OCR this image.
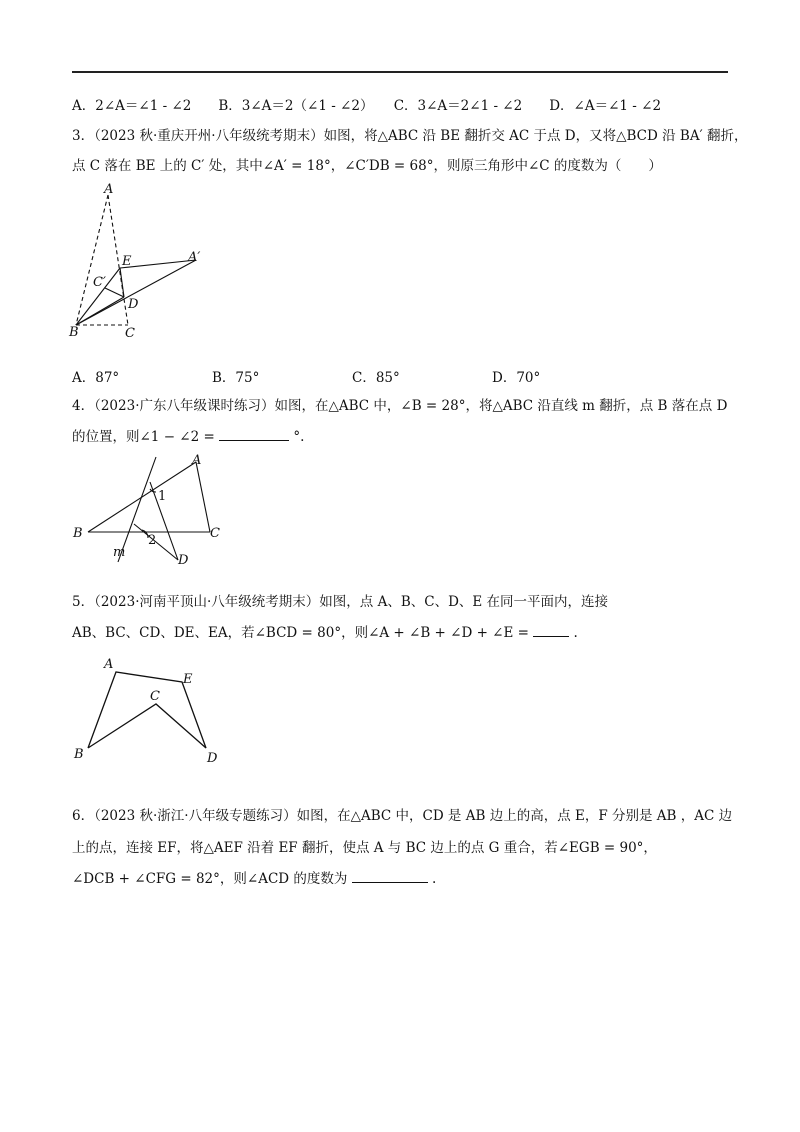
A．2∠A＝∠1 - ∠2　　B．3∠A＝2（∠1 - ∠2）　　C．3∠A＝2∠1 - ∠2　　D．∠A＝∠1 - ∠2
3．（2023 秋·重庆开州·八年级统考期末）如图，将△ABC 沿 BE 翻折交 AC 于点 D，又将△BCD 沿 BA′ 翻折，
点 C 落在 BE 上的 C′ 处，其中∠A′ = 18°，∠C′DB = 68°，则原三角形中∠C 的度数为（　　）
A
E	A′
C′
D
B	C
A．87°	B．75°	C．85°	D．70°
4．（2023·广东八年级课时练习）如图，在△ABC 中，∠B = 28°，将△ABC 沿直线 m 翻折，点 B 落在点 D
的位置，则∠1 − ∠2 =	°.
A
B	C
D
m
1
2
5．（2023·河南平顶山·八年级统考期末）如图，点 A、B、C、D、E 在同一平面内，连接
AB、BC、CD、DE、EA，若∠BCD = 80°，则∠A + ∠B + ∠D + ∠E =	.
A
E
C
B	D
6．（2023 秋·浙江·八年级专题练习）如图，在△ABC 中，CD 是 AB 边上的高，点 E，F 分别是 AB ，AC 边
上的点，连接 EF，将△AEF 沿着 EF 翻折，使点 A 与 BC 边上的点 G 重合，若∠EGB = 90°，
∠DCB + ∠CFG = 82°，则∠ACD 的度数为	.
